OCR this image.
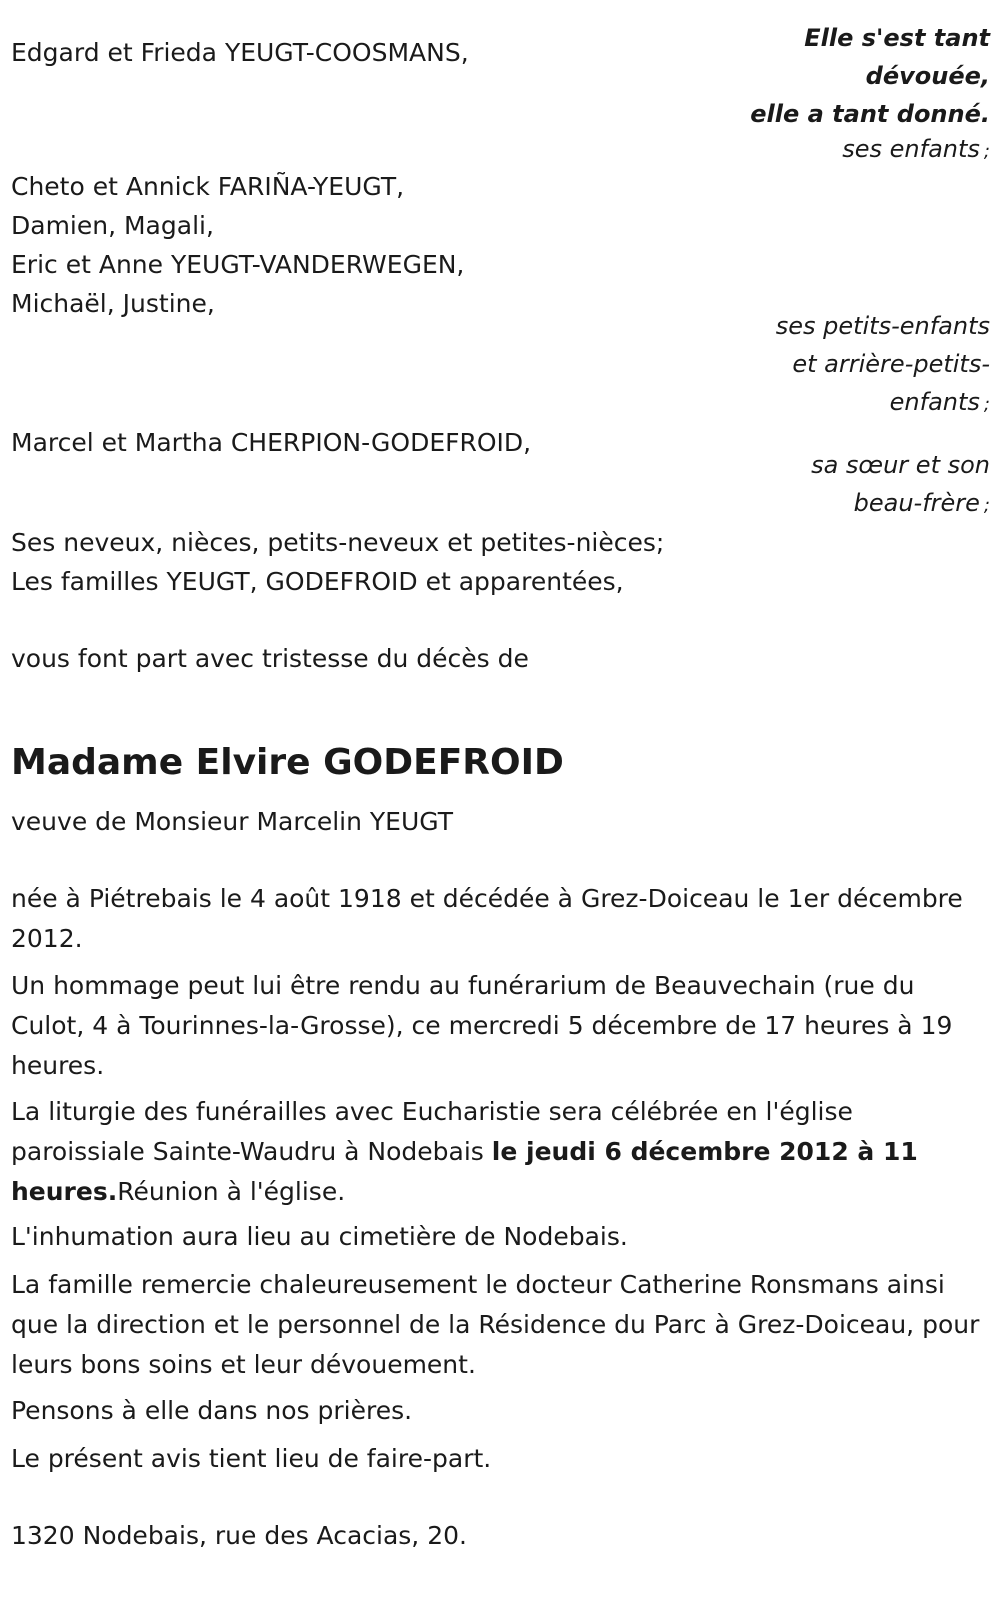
Elle s'est tant
dévouée,
elle a tant donné.
Edgard et Frieda YEUGT-COOSMANS,
ses enfants ;
Cheto et Annick FARIÑA-YEUGT,
Damien, Magali,
Eric et Anne YEUGT-VANDERWEGEN,
Michaël, Justine,
ses petits-enfants
et arrière-petits-
enfants ;
Marcel et Martha CHERPION-GODEFROID,
sa sœur et son
beau-frère ;
Ses neveux, nièces, petits-neveux et petites-nièces;
Les familles YEUGT, GODEFROID et apparentées,
vous font part avec tristesse du décès de
Madame Elvire GODEFROID
veuve de Monsieur Marcelin YEUGT
née à Piétrebais le 4 août 1918 et décédée à Grez-Doiceau le 1er décembre 2012.
Un hommage peut lui être rendu au funérarium de Beauvechain (rue du Culot, 4 à Tourinnes-la-Grosse), ce mercredi 5 décembre de 17 heures à 19 heures.
La liturgie des funérailles avec Eucharistie sera célébrée en l'église paroissiale Sainte-Waudru à Nodebais le jeudi 6 décembre 2012 à 11 heures.Réunion à l'église.
L'inhumation aura lieu au cimetière de Nodebais.
La famille remercie chaleureusement le docteur Catherine Ronsmans ainsi que la direction et le personnel de la Résidence du Parc à Grez-Doiceau, pour leurs bons soins et leur dévouement.
Pensons à elle dans nos prières.
Le présent avis tient lieu de faire-part.
1320 Nodebais, rue des Acacias, 20.
